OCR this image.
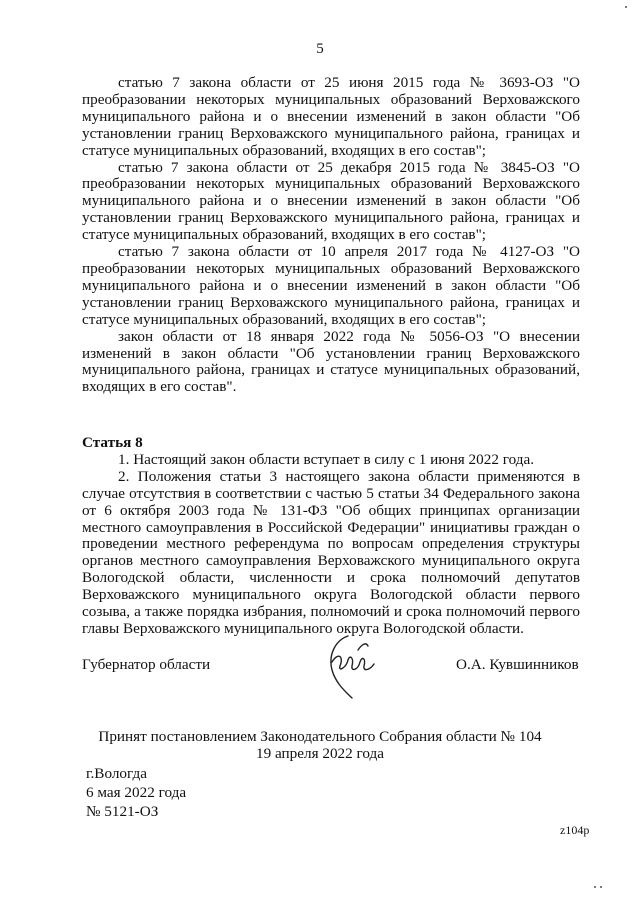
5

статью 7 закона области от 25 июня 2015 года № 3693-ОЗ "О преобразовании некоторых муниципальных образований Верховажского муниципального района и о внесении изменений в закон области "Об установлении границ Верховажского муниципального района, границах и статусе муниципальных образований, входящих в его состав";

статью 7 закона области от 25 декабря 2015 года № 3845-ОЗ "О преобразовании некоторых муниципальных образований Верховажского муниципального района и о внесении изменений в закон области "Об установлении границ Верховажского муниципального района, границах и статусе муниципальных образований, входящих в его состав";

статью 7 закона области от 10 апреля 2017 года № 4127-ОЗ "О преобразовании некоторых муниципальных образований Верховажского муниципального района и о внесении изменений в закон области "Об установлении границ Верховажского муниципального района, границах и статусе муниципальных образований, входящих в его состав";

закон области от 18 января 2022 года № 5056-ОЗ "О внесении изменений в закон области "Об установлении границ Верховажского муниципального района, границах и статусе муниципальных образований, входящих в его состав".

Статья 8

1. Настоящий закон области вступает в силу с 1 июня 2022 года.

2. Положения статьи 3 настоящего закона области применяются в случае отсутствия в соответствии с частью 5 статьи 34 Федерального закона от 6 октября 2003 года № 131-ФЗ "Об общих принципах организации местного самоуправления в Российской Федерации" инициативы граждан о проведении местного референдума по вопросам определения структуры органов местного самоуправления Верховажского муниципального округа Вологодской области, численности и срока полномочий депутатов Верховажского муниципального округа Вологодской области первого созыва, а также порядка избрания, полномочий и срока полномочий первого главы Верховажского муниципального округа Вологодской области.

Губернатор области	О.А. Кувшинников
Принят постановлением Законодательного Собрания области № 104
19 апреля 2022 года
г.Вологда
6 мая 2022 года
№ 5121-ОЗ
z104p
